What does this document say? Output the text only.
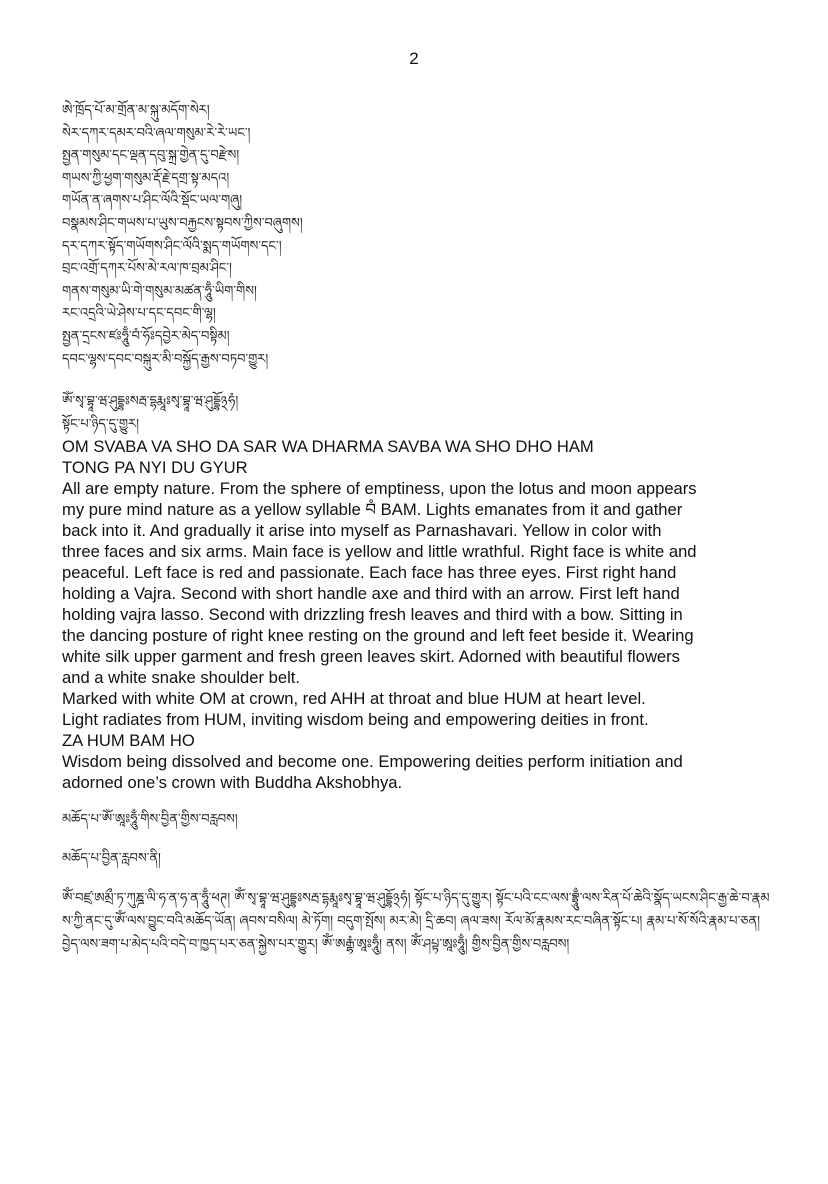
2
ཨེ་ཁྲོད་པོ་མ་གྲོན་མ་སྐུ་མདོག་སེར།
སེར་དཀར་དམར་བའི་ཞལ་གསུམ་རེ་རེ་ཡང་།
སྤྱན་གསུམ་དང་ལྡན་དབུ་སྐྲ་གྱེན་དུ་བརྫེས།
གཡས་ཀྱི་ཕྱག་གསུམ་རྡོ་རྗེ་དགྲ་སྟ་མདའ།
གཡོན་ན་ཞགས་པ་ཤིང་ལོའི་སྡོང་ཡལ་གཞུ།
བསྣམས་ཤིང་གཡས་པ་ཡུས་བརྐྱངས་སྟབས་ཀྱིས་བཞུགས།
དར་དཀར་སྟོད་གཡོགས་ཤིང་ལོའི་སྨད་གཡོགས་དང་།
བྲང་འགྲོ་དཀར་པོས་མེ་རལ་ཁ་བྲམ་ཤིང་།
གནས་གསུམ་ཡི་གེ་གསུམ་མཚན་ཧཱུྃ་ཡིག་གིས།
རང་འདྲའི་ཡེ་ཤེས་པ་དང་དབང་གི་ལྷ།
སྤྱན་དྲངས་ཛཿཧཱུྃ་བཾ་ཧོཿདབྱེར་མེད་བསྟིམ།
དབང་ལྷས་དབང་བསྐུར་མི་བསྐྱོད་རྒྱས་བཏབ་གྱུར།
ཨོཾ་སྭ་བྷཱ་ཝ་ཤུདྡྷཿསརྦ་དྷརྨཱཿསྭ་བྷཱ་ཝ་ཤུདྡྷོ྅ཧཾ།
སྟོང་པ་ཉིད་དུ་གྱུར།
OM SVABA VA SHO DA SAR WA DHARMA SAVBA WA SHO DHO HAM
TONG PA NYI DU GYUR
All are empty nature. From the sphere of emptiness, upon the lotus and moon appears
my pure mind nature as a yellow syllable བཾ BAM. Lights emanates from it and gather
back into it. And gradually it arise into myself as Parnashavari. Yellow in color with
three faces and six arms. Main face is yellow and little wrathful. Right face is white and
peaceful. Left face is red and passionate. Each face has three eyes. First right hand
holding a Vajra. Second with short handle axe and third with an arrow. First left hand
holding vajra lasso. Second with drizzling fresh leaves and third with a bow. Sitting in
the dancing posture of right knee resting on the ground and left feet beside it. Wearing
white silk upper garment and fresh green leaves skirt. Adorned with beautiful flowers
and a white snake shoulder belt.
Marked with white OM at crown, red AHH at throat and blue HUM at heart level.
Light radiates from HUM, inviting wisdom being and empowering deities in front.
ZA HUM BAM HO
Wisdom being dissolved and become one. Empowering deities perform initiation and
adorned one’s crown with Buddha Akshobhya.
མཆོད་པ་ཨོཾ་ཨཱཿཧཱུྃ་གིས་བྱིན་གྱིས་བརླབས།
མཆོད་པ་བྱིན་རླབས་ནི།
ཨོཾ་བཛྲ་ཨམྲྀ་ཏ་ཀུཎྜ་ལི་ཧ་ན་ཧ་ན་ཧཱུྃ་ཕཊ། ཨོཾ་སྭ་བྷཱ་ཝ་ཤུདྡྷཿསརྦ་དྷརྨཱཿསྭ་བྷཱ་ཝ་ཤུདྡྷོ྅ཧཾ། སྟོང་པ་ཉིད་དུ་གྱུར། སྟོང་པའི་ངང་ལས་བྷྲཱུྃ་ལས་རིན་པོ་ཆེའི་སྣོད་ཡངས་ཤིང་རྒྱ་ཆེ་བ་རྣམས་ཀྱི་ནང་དུ་ཨོཾ་ལས་བྱུང་བའི་མཆོད་ཡོན། ཞབས་བསིལ། མེ་ཏོག། བདུག་སྤོས། མར་མེ། དྲི་ཆབ། ཞལ་ཟས། རོལ་མོ་རྣམས་རང་བཞིན་སྟོང་པ། རྣམ་པ་སོ་སོའི་རྣམ་པ་ཅན། བྱེད་ལས་ཟག་པ་མེད་པའི་བདེ་བ་ཁྱད་པར་ཅན་སྐྱེས་པར་གྱུར། ཨོཾ་ཨརྒྷཾ་ཨཱཿཧཱུྃ། ནས། ཨོཾ་ཤཔྟ་ཨཱཿཧཱུྃ། གྱིས་བྱིན་གྱིས་བརླབས།
